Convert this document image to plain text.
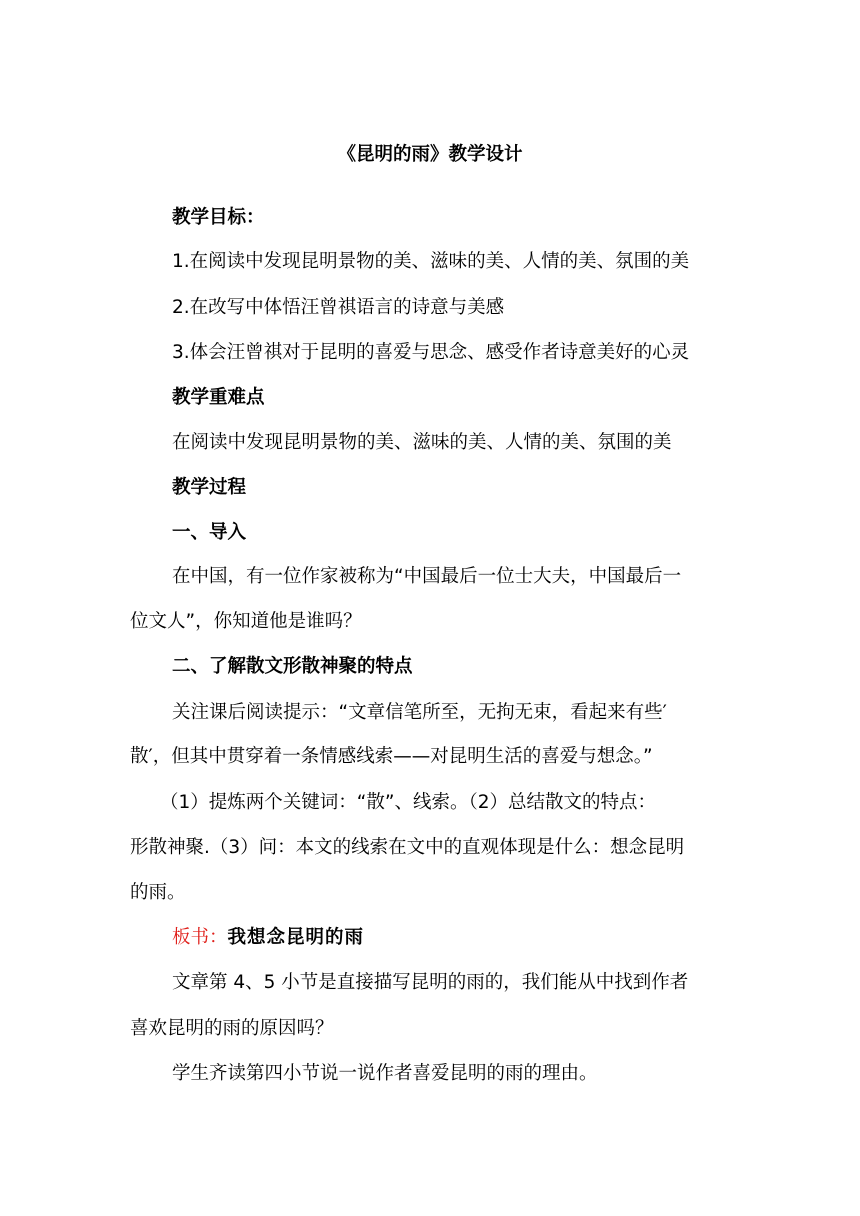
《昆明的雨》教学设计
教学目标：
1.在阅读中发现昆明景物的美、滋味的美、人情的美、氛围的美
2.在改写中体悟汪曾祺语言的诗意与美感
3.体会汪曾祺对于昆明的喜爱与思念、感受作者诗意美好的心灵
教学重难点
在阅读中发现昆明景物的美、滋味的美、人情的美、氛围的美
教学过程
一、导入
在中国，有一位作家被称为“中国最后一位士大夫，中国最后一
位文人”，你知道他是谁吗？
二、了解散文形散神聚的特点
关注课后阅读提示：“文章信笔所至，无拘无束，看起来有些′
散′，但其中贯穿着一条情感线索——对昆明生活的喜爱与想念。”
（1）提炼两个关键词：“散”、线索。（2）总结散文的特点：
形散神聚.（3）问：本文的线索在文中的直观体现是什么：想念昆明
的雨。
板书：我想念昆明的雨
文章第 4、5 小节是直接描写昆明的雨的，我们能从中找到作者
喜欢昆明的雨的原因吗？
学生齐读第四小节说一说作者喜爱昆明的雨的理由。
